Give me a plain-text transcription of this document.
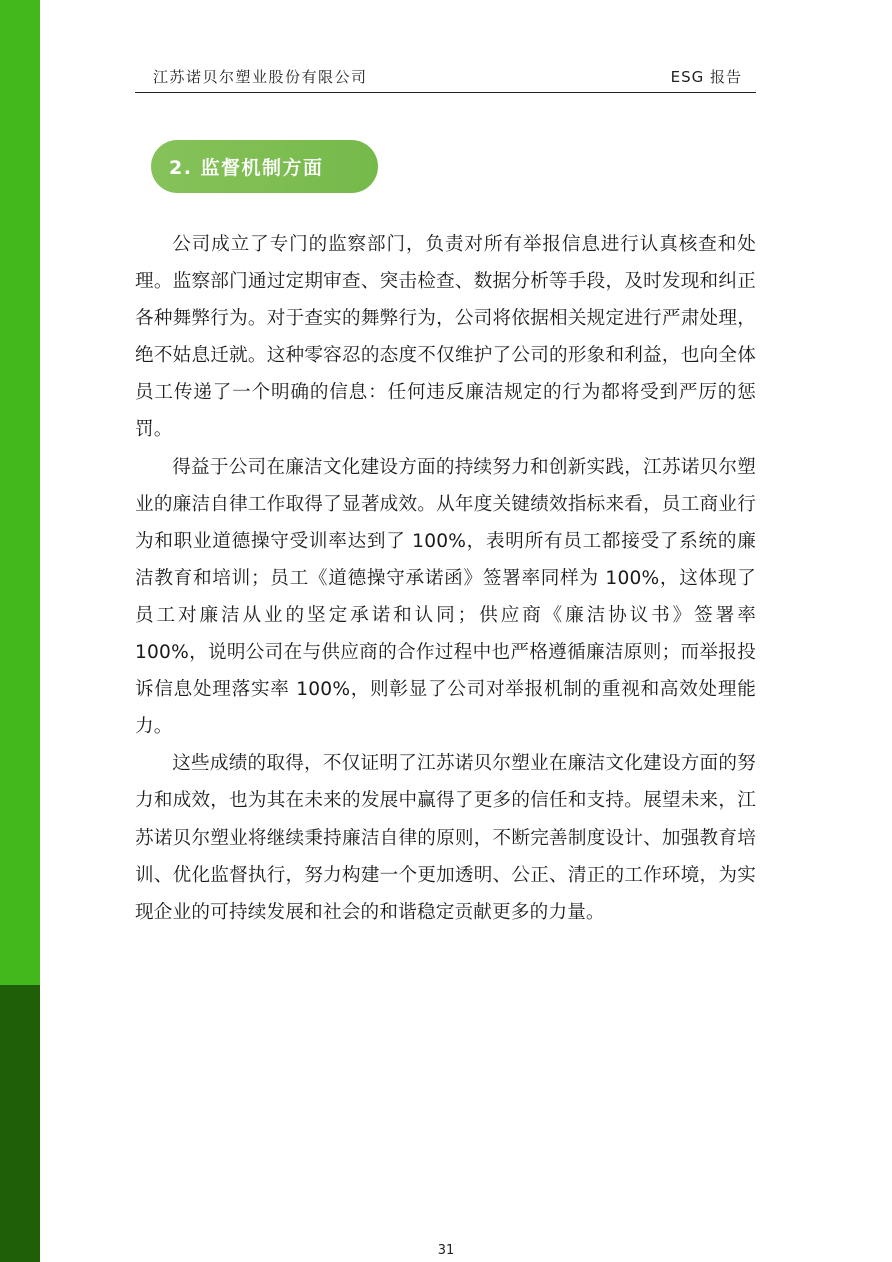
江苏诺贝尔塑业股份有限公司	ESG 报告
2. 监督机制方面

公司成立了专门的监察部门，负责对所有举报信息进行认真核查和处理。监察部门通过定期审查、突击检查、数据分析等手段，及时发现和纠正各种舞弊行为。对于查实的舞弊行为，公司将依据相关规定进行严肃处理，绝不姑息迁就。这种零容忍的态度不仅维护了公司的形象和利益，也向全体员工传递了一个明确的信息：任何违反廉洁规定的行为都将受到严厉的惩罚。

得益于公司在廉洁文化建设方面的持续努力和创新实践，江苏诺贝尔塑业的廉洁自律工作取得了显著成效。从年度关键绩效指标来看，员工商业行为和职业道德操守受训率达到了 100%，表明所有员工都接受了系统的廉洁教育和培训；员工《道德操守承诺函》签署率同样为 100%，这体现了员工对廉洁从业的坚定承诺和认同；供应商《廉洁协议书》签署率 100%，说明公司在与供应商的合作过程中也严格遵循廉洁原则；而举报投诉信息处理落实率 100%，则彰显了公司对举报机制的重视和高效处理能力。

这些成绩的取得，不仅证明了江苏诺贝尔塑业在廉洁文化建设方面的努力和成效，也为其在未来的发展中赢得了更多的信任和支持。展望未来，江苏诺贝尔塑业将继续秉持廉洁自律的原则，不断完善制度设计、加强教育培训、优化监督执行，努力构建一个更加透明、公正、清正的工作环境，为实现企业的可持续发展和社会的和谐稳定贡献更多的力量。

31
